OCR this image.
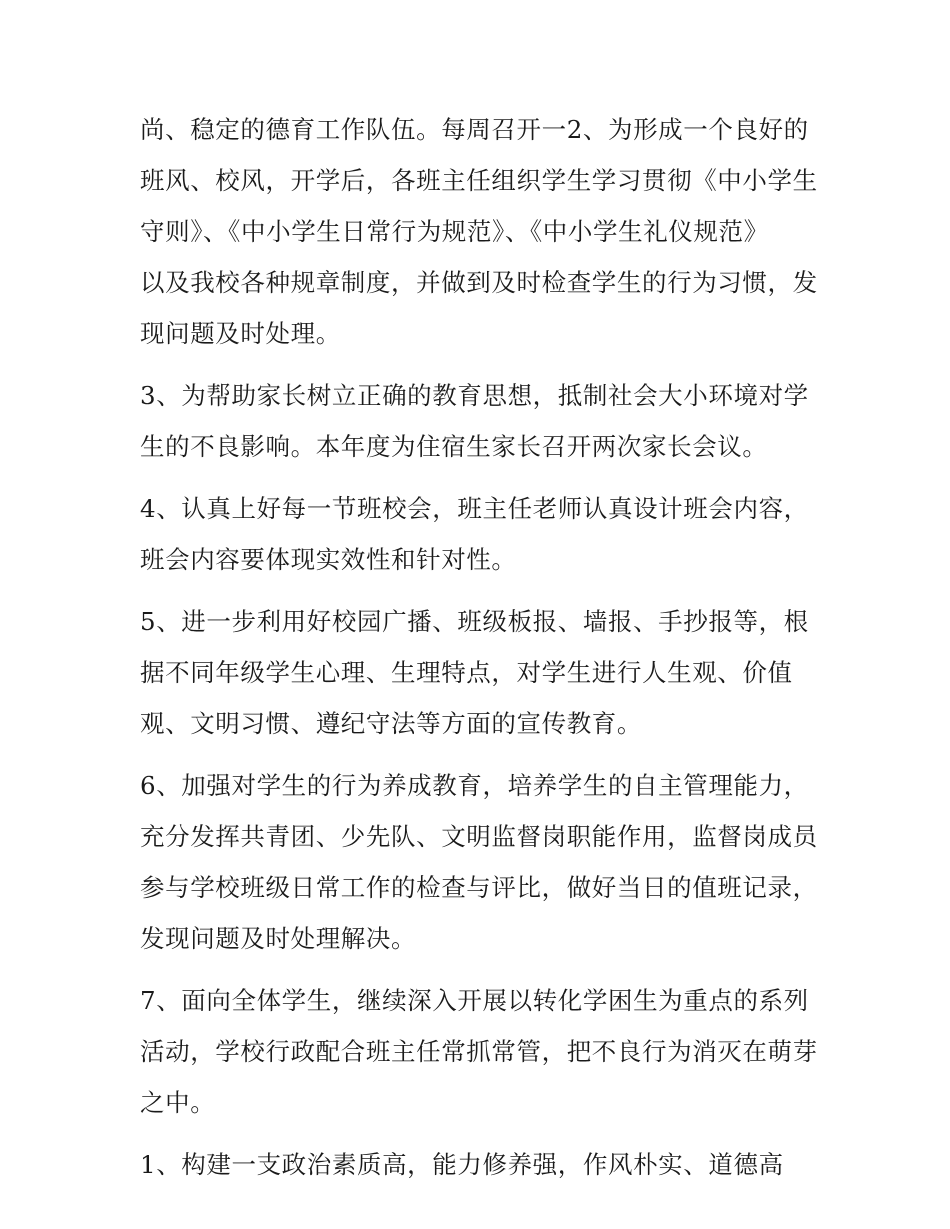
尚、稳定的德育工作队伍。每周召开一2、为形成一个良好的
班风、校风，开学后，各班主任组织学生学习贯彻《中小学生
守则》、《中小学生日常行为规范》、《中小学生礼仪规范》
以及我校各种规章制度，并做到及时检查学生的行为习惯，发
现问题及时处理。

3、为帮助家长树立正确的教育思想，抵制社会大小环境对学
生的不良影响。本年度为住宿生家长召开两次家长会议。

4、认真上好每一节班校会，班主任老师认真设计班会内容，
班会内容要体现实效性和针对性。

5、进一步利用好校园广播、班级板报、墙报、手抄报等，根
据不同年级学生心理、生理特点，对学生进行人生观、价值
观、文明习惯、遵纪守法等方面的宣传教育。

6、加强对学生的行为养成教育，培养学生的自主管理能力，
充分发挥共青团、少先队、文明监督岗职能作用，监督岗成员
参与学校班级日常工作的检查与评比，做好当日的值班记录，
发现问题及时处理解决。

7、面向全体学生，继续深入开展以转化学困生为重点的系列
活动，学校行政配合班主任常抓常管，把不良行为消灭在萌芽
之中。

1、构建一支政治素质高，能力修养强，作风朴实、道德高
